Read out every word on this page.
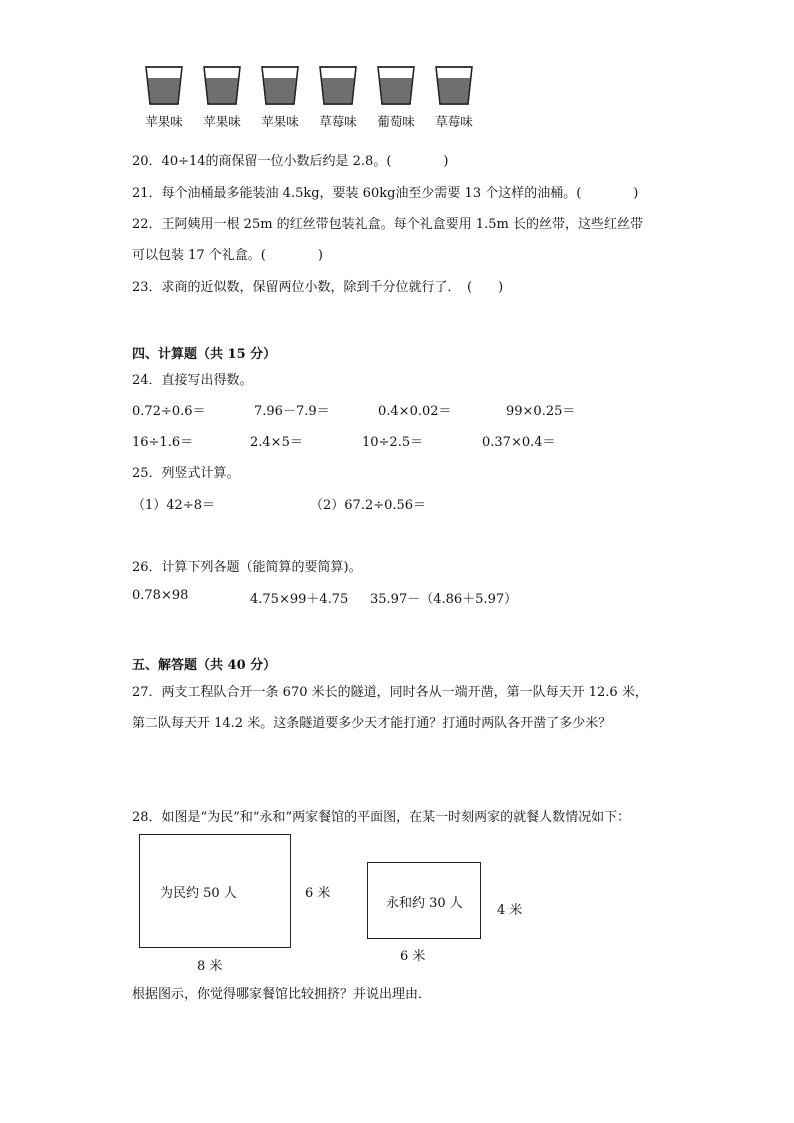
苹果味	苹果味	苹果味	草莓味	葡萄味	草莓味
20．40÷14的商保留一位小数后约是 2.8。(　　　　)
21．每个油桶最多能装油 4.5kg，要装 60kg油至少需要 13 个这样的油桶。(　　　　)
22．王阿姨用一根 25m 的红丝带包装礼盒。每个礼盒要用 1.5m 长的丝带，这些红丝带
可以包装 17 个礼盒。(　　　　)
23．求商的近似数，保留两位小数，除到千分位就行了．　(　　)
四、计算题（共 15 分）
24．直接写出得数。
0.72÷0.6＝	7.96－7.9＝	0.4×0.02＝	99×0.25＝
16÷1.6＝	2.4×5＝	10÷2.5＝	0.37×0.4＝
25．列竖式计算。
（1）42÷8＝	（2）67.2÷0.56＝
26．计算下列各题（能简算的要简算)。
0.78×98	4.75×99＋4.75 35.97－（4.86＋5.97）
五、解答题（共 40 分）
27．两支工程队合开一条 670 米长的隧道，同时各从一端开凿，第一队每天开 12.6 米，
第二队每天开 14.2 米。这条隧道要多少天才能打通？打通时两队各开凿了多少米？
28．如图是“为民”和“永和”两家餐馆的平面图，在某一时刻两家的就餐人数情况如下：
为民约 50 人	6 米
8 米
永和约 30 人	4 米
6 米
根据图示，你觉得哪家餐馆比较拥挤？并说出理由．
